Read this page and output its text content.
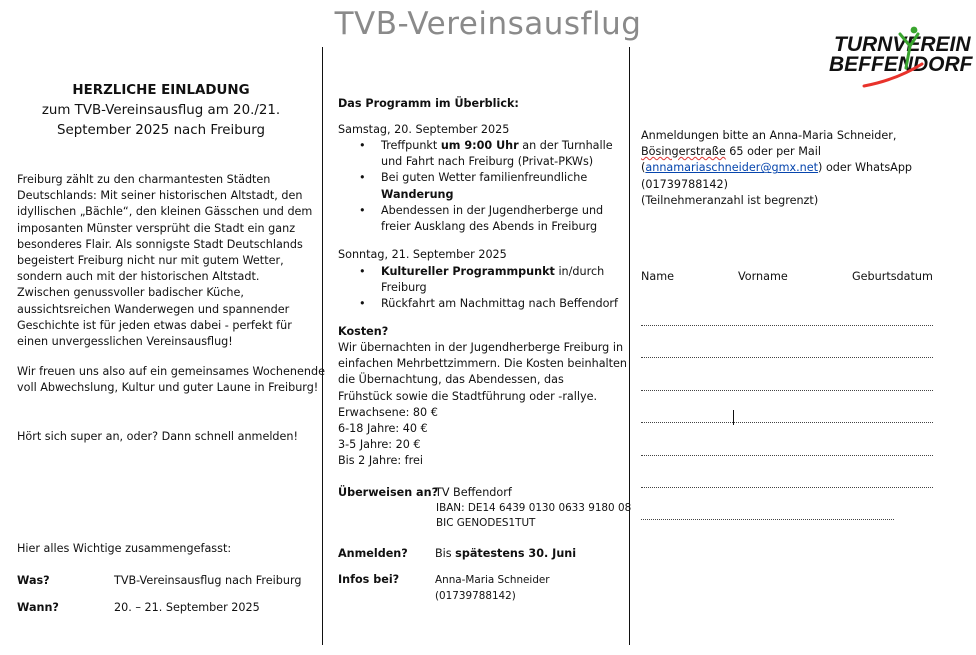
TVB-Vereinsausflug
TURNVEREIN
BEFFENDORF
HERZLICHE EINLADUNG
zum TVB-Vereinsausflug am 20./21.
September 2025 nach Freiburg
Freiburg zählt zu den charmantesten Städten
Deutschlands: Mit seiner historischen Altstadt, den
idyllischen „Bächle“, den kleinen Gässchen und dem
imposanten Münster versprüht die Stadt ein ganz
besonderes Flair. Als sonnigste Stadt Deutschlands
begeistert Freiburg nicht nur mit gutem Wetter,
sondern auch mit der historischen Altstadt.
Zwischen genussvoller badischer Küche,
aussichtsreichen Wanderwegen und spannender
Geschichte ist für jeden etwas dabei - perfekt für
einen unvergesslichen Vereinsausflug!
Wir freuen uns also auf ein gemeinsames Wochenende
voll Abwechslung, Kultur und guter Laune in Freiburg!
Hört sich super an, oder? Dann schnell anmelden!
Hier alles Wichtige zusammengefasst:
Was?	TVB-Vereinsausflug nach Freiburg
Wann?	20. – 21. September 2025
Das Programm im Überblick:
Samstag, 20. September 2025
• Treffpunkt um 9:00 Uhr an der Turnhalle
und Fahrt nach Freiburg (Privat-PKWs)
• Bei guten Wetter familienfreundliche
Wanderung
• Abendessen in der Jugendherberge und
freier Ausklang des Abends in Freiburg
Sonntag, 21. September 2025
• Kultureller Programmpunkt in/durch
Freiburg
• Rückfahrt am Nachmittag nach Beffendorf
Kosten?
Wir übernachten in der Jugendherberge Freiburg in
einfachen Mehrbettzimmern. Die Kosten beinhalten
die Übernachtung, das Abendessen, das
Frühstück sowie die Stadtführung oder -rallye.
Erwachsene: 80 €
6-18 Jahre: 40 €
3-5 Jahre: 20 €
Bis 2 Jahre: frei
Überweisen an?
TV Beffendorf
IBAN: DE14 6439 0130 0633 9180 08
BIC GENODES1TUT
Anmelden? Bis spätestens 30. Juni
Infos bei?	Anna-Maria Schneider
(01739788142)
Anmeldungen bitte an Anna-Maria Schneider,
Bösingerstraße 65 oder per Mail
(annamariaschneider@gmx.net) oder WhatsApp
(01739788142)
(Teilnehmeranzahl ist begrenzt)
Name	Vorname	Geburtsdatum
